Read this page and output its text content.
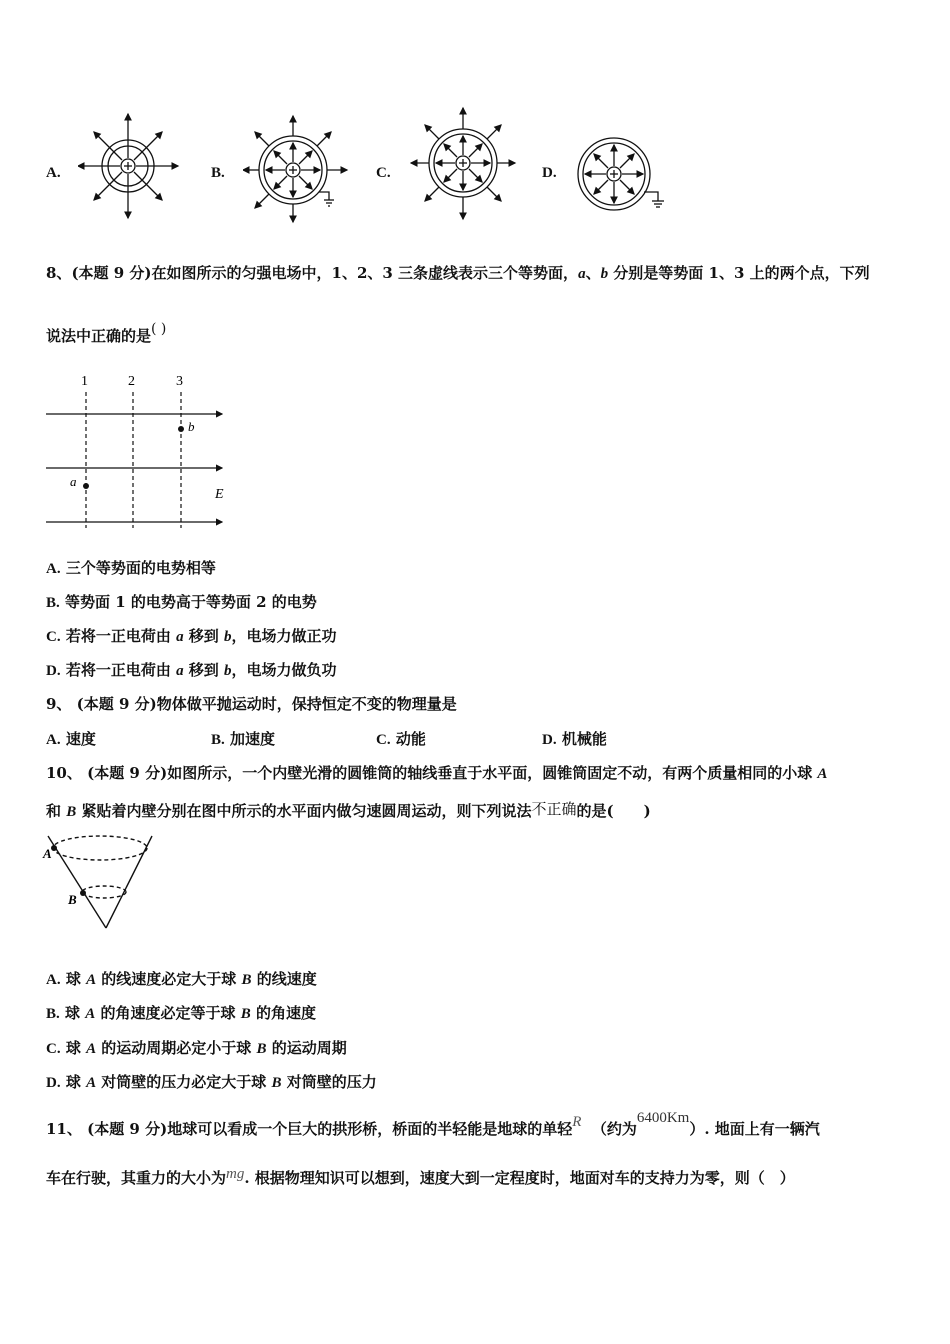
A.	B.	C.	D.
8、(本题 9 分)在如图所示的匀强电场中，1、2、3 三条虚线表示三个等势面，a、b 分别是等势面 1、3 上的两个点，下列
说法中正确的是( )
1	2	3
a
b
E
A. 三个等势面的电势相等
B. 等势面 1 的电势高于等势面 2 的电势
C. 若将一正电荷由 a 移到 b，电场力做正功
D. 若将一正电荷由 a 移到 b，电场力做负功
9、 (本题 9 分)物体做平抛运动时，保持恒定不变的物理量是
A. 速度	B. 加速度	C. 动能	D. 机械能
10、 (本题 9 分)如图所示，一个内壁光滑的圆锥筒的轴线垂直于水平面，圆锥筒固定不动，有两个质量相同的小球 A
和 B 紧贴着内壁分别在图中所示的水平面内做匀速圆周运动，则下列说法不正确的是(　　)
A
B
A. 球 A 的线速度必定大于球 B 的线速度
B. 球 A 的角速度必定等于球 B 的角速度
C. 球 A 的运动周期必定小于球 B 的运动周期
D. 球 A 对筒壁的压力必定大于球 B 对筒壁的压力
11、 (本题 9 分)地球可以看成一个巨大的拱形桥，桥面的半轻能是地球的单轻R （约为6400Km）. 地面上有一辆汽
车在行驶，其重力的大小为mg. 根据物理知识可以想到，速度大到一定程度时，地面对车的支持力为零，则（　）
